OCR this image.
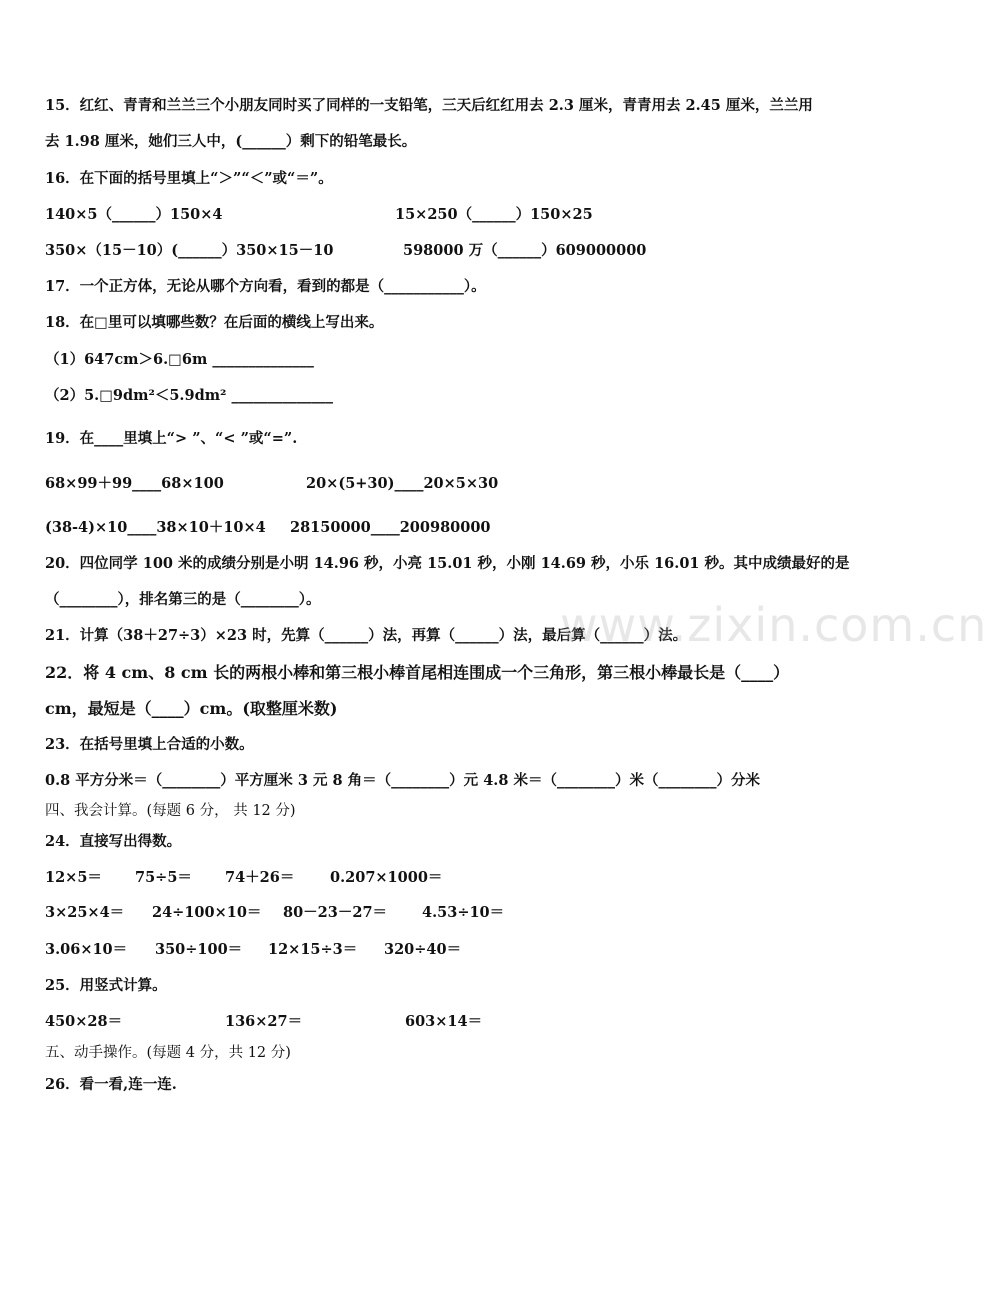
15．红红、青青和兰兰三个小朋友同时买了同样的一支铅笔，三天后红红用去 2.3 厘米，青青用去 2.45 厘米，兰兰用
去 1.98 厘米，她们三人中，(______）剩下的铅笔最长。
16．在下面的括号里填上“＞”“＜”或“＝”。
140×5（______）150×4	15×250（______）150×25
350×（15－10）(______）350×15－10	598000 万（______）609000000
17．一个正方体，无论从哪个方向看，看到的都是（___________）。
18．在□里可以填哪些数？在后面的横线上写出来。
（1）647cm＞6.□6m ______________
（2）5.□9dm²＜5.9dm² ______________
19．在____里填上“> ”、“< ”或“=”.
68×99＋99____68×100	20×(5+30)____20×5×30
(38-4)×10____38×10＋10×4 28150000____200980000
20．四位同学 100 米的成绩分别是小明 14.96 秒，小亮 15.01 秒，小刚 14.69 秒，小乐 16.01 秒。其中成绩最好的是
（________），排名第三的是（________）。
21．计算（38＋27÷3）×23 时，先算（______）法，再算（______）法，最后算（______）法。
22．将 4 cm、8 cm 长的两根小棒和第三根小棒首尾相连围成一个三角形，第三根小棒最长是（____）
cm，最短是（____）cm。(取整厘米数)
23．在括号里填上合适的小数。
0.8 平方分米＝（________）平方厘米 3 元 8 角＝（________）元 4.8 米＝（________）米（________）分米
四、我会计算。(每题 6 分， 共 12 分)
24．直接写出得数。
12×5＝ 75÷5＝ 74＋26＝ 0.207×1000＝
3×25×4＝ 24÷100×10＝ 80－23－27＝ 4.53÷10＝
3.06×10＝ 350÷100＝ 12×15÷3＝ 320÷40＝
25．用竖式计算。
450×28＝	136×27＝	603×14＝
五、动手操作。(每题 4 分，共 12 分)
26．看一看,连一连.
www.zixin.com.cn
